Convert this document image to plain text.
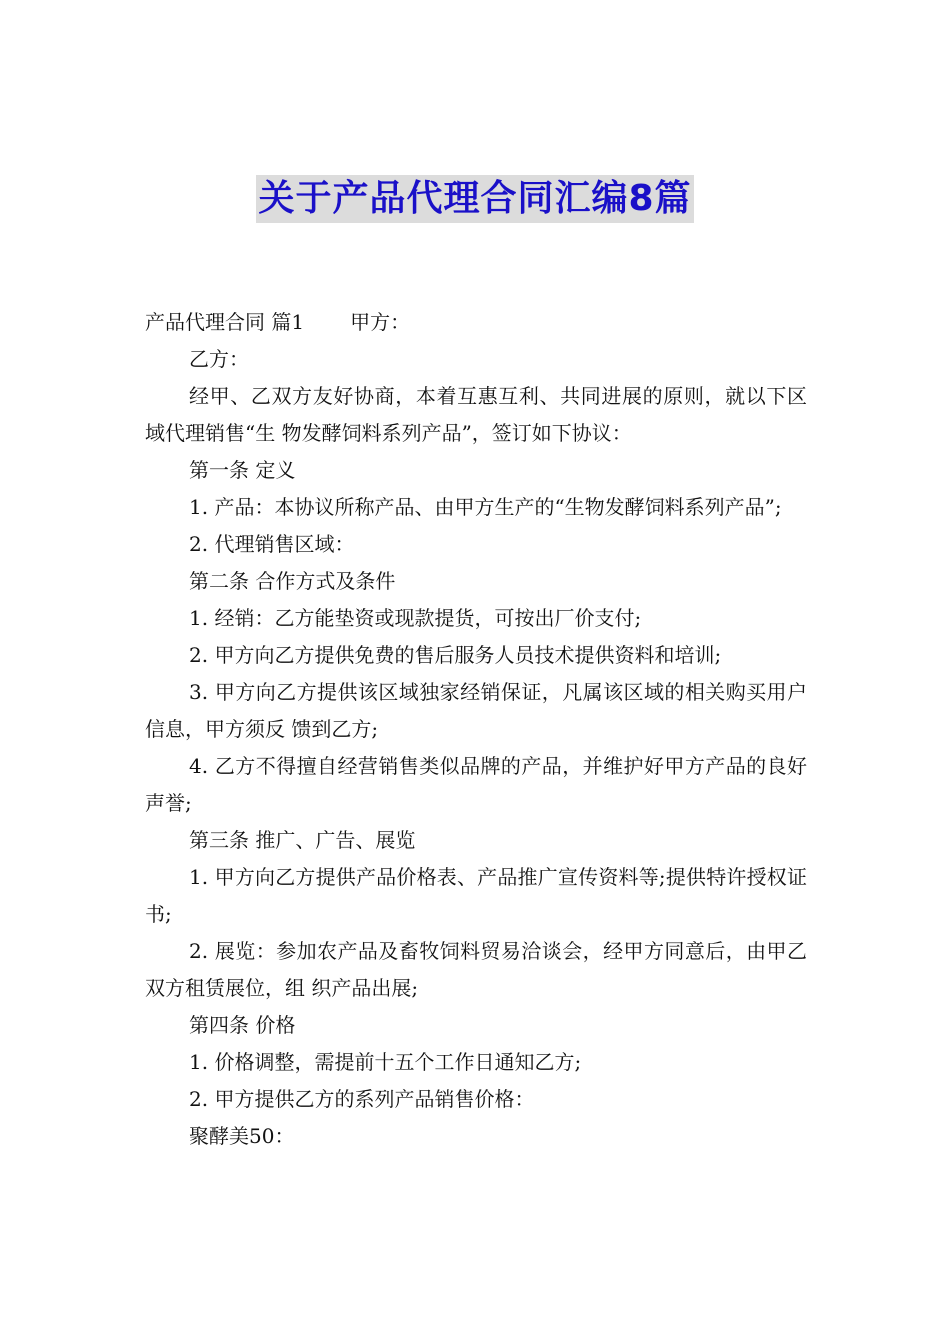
关于产品代理合同汇编8篇

产品代理合同 篇1 甲方：

乙方：

经甲、乙双方友好协商，本着互惠互利、共同进展的原则，就以下区域代理销售“生 物发酵饲料系列产品”，签订如下协议：

第一条 定义

1. 产品：本协议所称产品、由甲方生产的“生物发酵饲料系列产品”;

2. 代理销售区域：

第二条 合作方式及条件

1. 经销：乙方能垫资或现款提货，可按出厂价支付;

2. 甲方向乙方提供免费的售后服务人员技术提供资料和培训;

3. 甲方向乙方提供该区域独家经销保证，凡属该区域的相关购买用户信息，甲方须反 馈到乙方;

4. 乙方不得擅自经营销售类似品牌的产品，并维护好甲方产品的良好声誉;

第三条 推广、广告、展览

1. 甲方向乙方提供产品价格表、产品推广宣传资料等;提供特许授权证书;

2. 展览：参加农产品及畜牧饲料贸易洽谈会，经甲方同意后，由甲乙双方租赁展位，组 织产品出展;

第四条 价格

1. 价格调整，需提前十五个工作日通知乙方;

2. 甲方提供乙方的系列产品销售价格：

聚酵美50：
